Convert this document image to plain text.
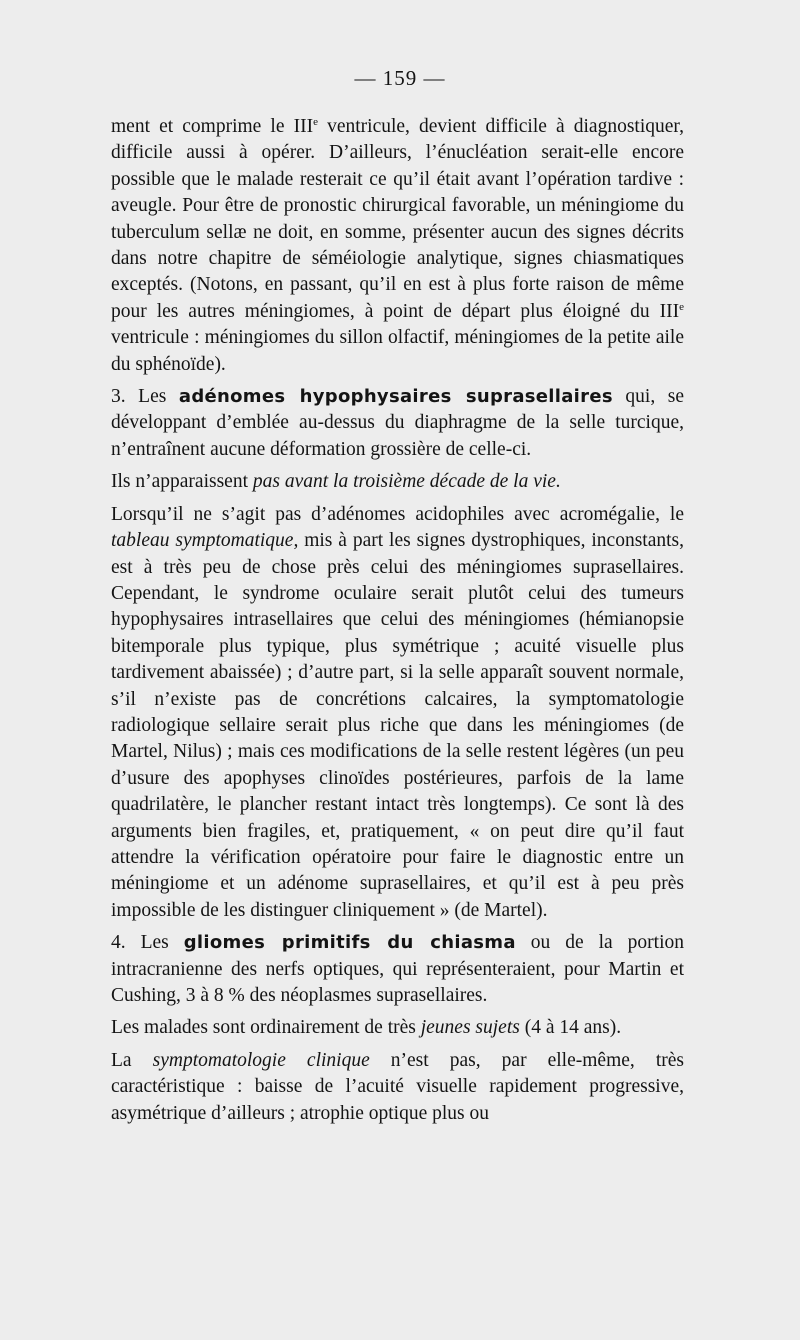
— 159 —

ment et comprime le IIIe ventricule, devient difficile à diagnostiquer, difficile aussi à opérer. D’ailleurs, l’énucléation serait-elle encore possible que le malade resterait ce qu’il était avant l’opération tardive : aveugle. Pour être de pronostic chirurgical favorable, un méningiome du tuberculum sellæ ne doit, en somme, présenter aucun des signes décrits dans notre chapitre de séméiologie analytique, signes chiasmatiques exceptés. (Notons, en passant, qu’il en est à plus forte raison de même pour les autres méningiomes, à point de départ plus éloigné du IIIe ventricule : méningiomes du sillon olfactif, méningiomes de la petite aile du sphénoïde).

3. Les adénomes hypophysaires suprasellaires qui, se développant d’emblée au-dessus du diaphragme de la selle turcique, n’entraînent aucune déformation grossière de celle-ci.

Ils n’apparaissent pas avant la troisième décade de la vie.

Lorsqu’il ne s’agit pas d’adénomes acidophiles avec acromégalie, le tableau symptomatique, mis à part les signes dystrophiques, inconstants, est à très peu de chose près celui des méningiomes suprasellaires. Cependant, le syndrome oculaire serait plutôt celui des tumeurs hypophysaires intrasellaires que celui des méningiomes (hémianopsie bitemporale plus typique, plus symétrique ; acuité visuelle plus tardivement abaissée) ; d’autre part, si la selle apparaît souvent normale, s’il n’existe pas de concrétions calcaires, la symptomatologie radiologique sellaire serait plus riche que dans les méningiomes (de Martel, Nilus) ; mais ces modifications de la selle restent légères (un peu d’usure des apophyses clinoïdes postérieures, parfois de la lame quadrilatère, le plancher restant intact très longtemps). Ce sont là des arguments bien fragiles, et, pratiquement, « on peut dire qu’il faut attendre la vérification opératoire pour faire le diagnostic entre un méningiome et un adénome suprasellaires, et qu’il est à peu près impossible de les distinguer cliniquement » (de Martel).

4. Les gliomes primitifs du chiasma ou de la portion intracranienne des nerfs optiques, qui représenteraient, pour Martin et Cushing, 3 à 8 % des néoplasmes suprasellaires.

Les malades sont ordinairement de très jeunes sujets (4 à 14 ans).

La symptomatologie clinique n’est pas, par elle-même, très caractéristique : baisse de l’acuité visuelle rapidement progressive, asymétrique d’ailleurs ; atrophie optique plus ou
